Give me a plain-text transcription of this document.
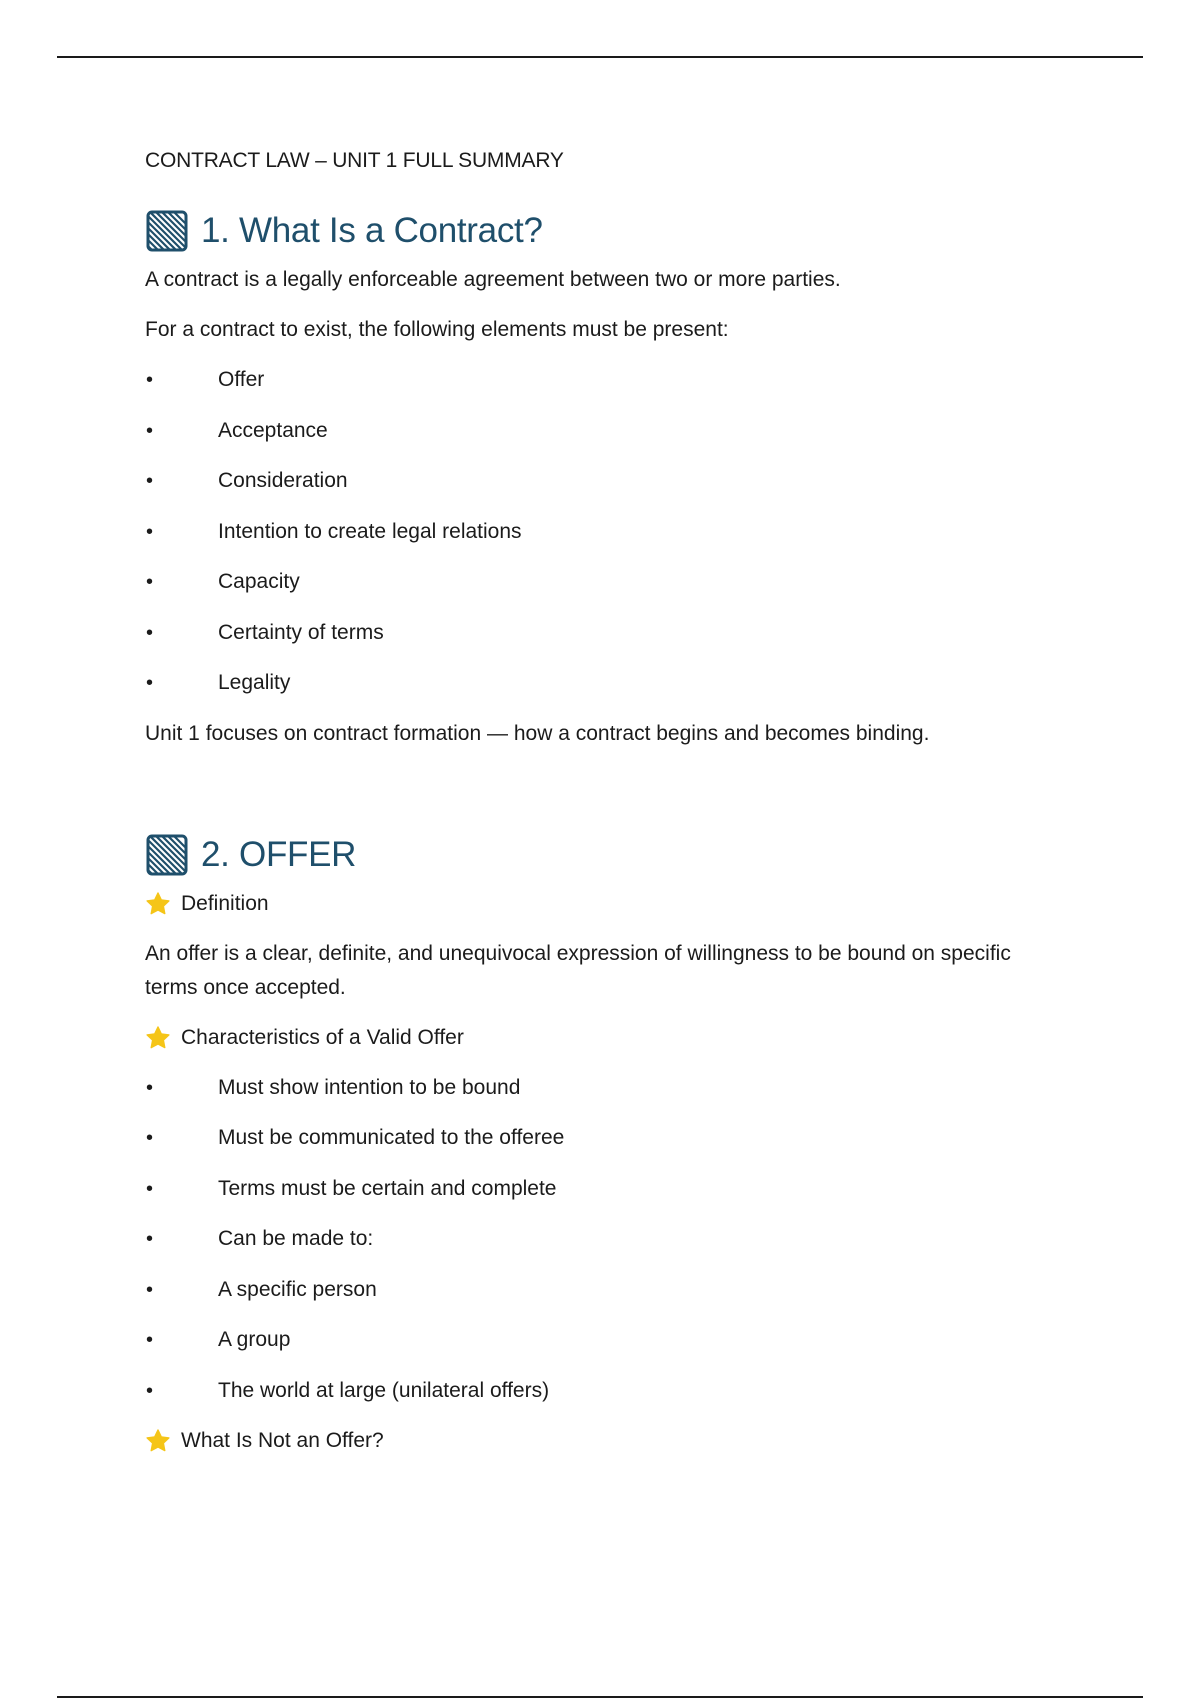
CONTRACT LAW – UNIT 1 FULL SUMMARY

1. What Is a Contract?

A contract is a legally enforceable agreement between two or more parties.

For a contract to exist, the following elements must be present:

•	Offer
•	Acceptance
•	Consideration
•	Intention to create legal relations
•	Capacity
•	Certainty of terms
•	Legality

Unit 1 focuses on contract formation — how a contract begins and becomes binding.

2. OFFER
Definition

An offer is a clear, definite, and unequivocal expression of willingness to be bound on specific terms once accepted.

Characteristics of a Valid Offer
•	Must show intention to be bound
•	Must be communicated to the offeree
•	Terms must be certain and complete
•	Can be made to:
•	A specific person
•	A group
•	The world at large (unilateral offers)
What Is Not an Offer?
